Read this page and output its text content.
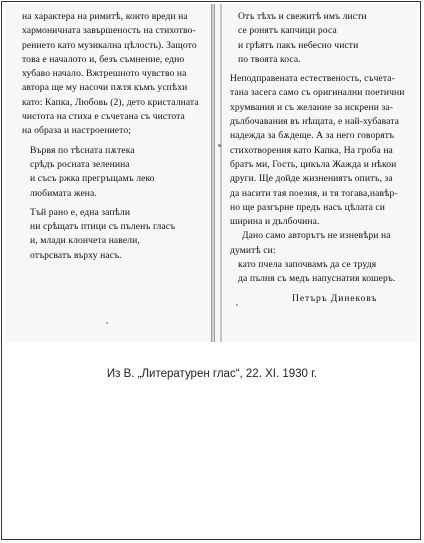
на характера на римитѣ, които вреди на
хармоничната завършеность на стихотво-
рението като музикална цѣлость). Защото
това е началото и, безъ съмнение, едно
хубаво начало. Вжтрешното чувство на
автора ще му насочи пѫтя къмъ успѣхи
като: Капка, Любовь (2), дето кристалната
чистота на стиха е съчетана съ чистота
на образа и настроението;
Вървя по тѣсната пѫтека
срѣдъ росната зеленина
и съсъ ржка прегръщамъ леко
любимата жена.
Тъй рано е, една запѣли
ни срѣщатъ птици съ пъленъ гласъ
и, млади клончета навели,
отърсватъ върху насъ.
Отъ тѣхъ и свежитѣ имъ листи
се ронятъ капчици роса
и грѣятъ пакъ небесно чисти
по твоята коса.
Неподправената естественость, съчета-
тана засега само съ оригинални поетични
хрумвания и съ желание за искрени за-
дълбочавания въ нѣщата, е най-хубавата
надежда за бѫдеще. А за него говорятъ
стихотворения като Капка, На гроба на
братъ ми, Гость, цикъла Жажда и нѣкои
други. Ще дойде жизнениятъ опитъ, за
да насити тая поезия, и тя тогава,навѣр-
но ще разгърне предъ насъ цѣлата си
ширина и дълбочина.
Дано само авторътъ не изневѣри на
думитѣ си:
като пчела започвамъ да се трудя
да пълня съ медъ напуснатия кошеръ.
Петъръ Динековъ
Из В. „Литературен глас“, 22. XI. 1930 г.
